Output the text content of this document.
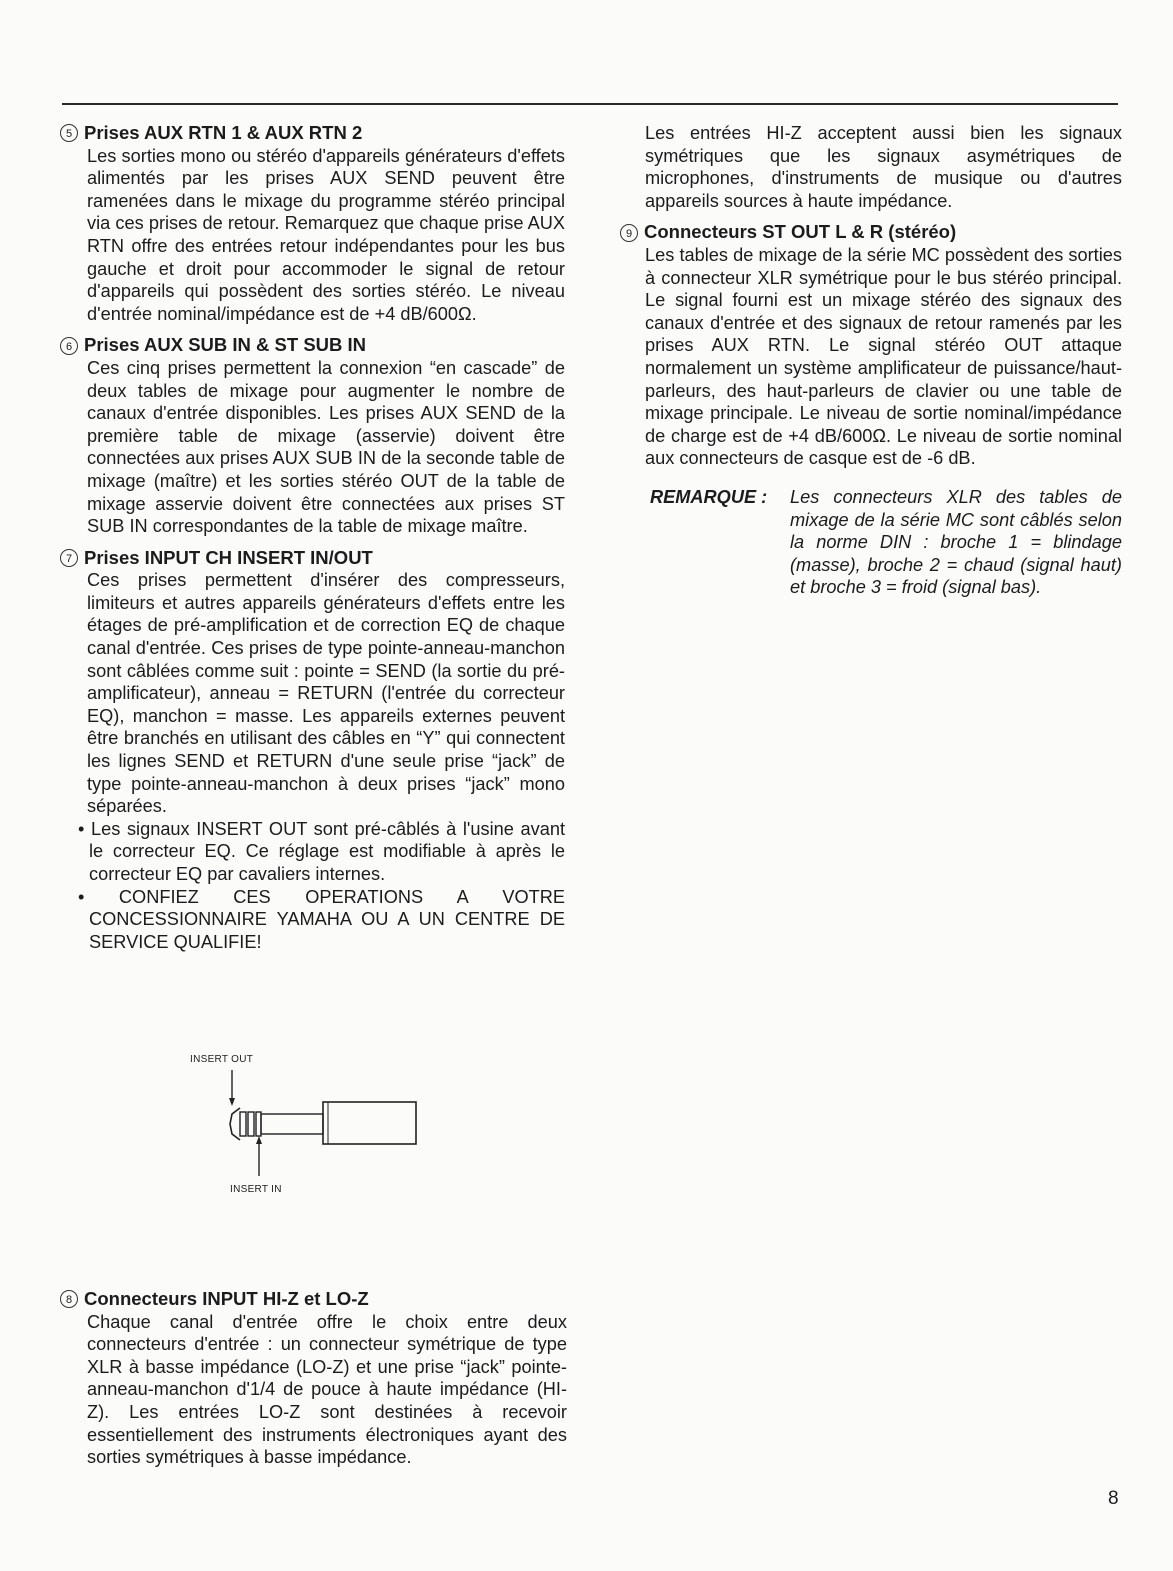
5 Prises AUX RTN 1 & AUX RTN 2
Les sorties mono ou stéréo d'appareils générateurs d'effets alimentés par les prises AUX SEND peuvent être ramenées dans le mixage du programme stéréo principal via ces prises de retour. Remarquez que chaque prise AUX RTN offre des entrées retour indépendantes pour les bus gauche et droit pour accommoder le signal de retour d'appareils qui possèdent des sorties stéréo. Le niveau d'entrée nominal/impédance est de +4 dB/600Ω.
6 Prises AUX SUB IN & ST SUB IN
Ces cinq prises permettent la connexion “en cascade” de deux tables de mixage pour augmenter le nombre de canaux d'entrée disponibles. Les prises AUX SEND de la première table de mixage (asservie) doivent être connectées aux prises AUX SUB IN de la seconde table de mixage (maître) et les sorties stéréo OUT de la table de mixage asservie doivent être connectées aux prises ST SUB IN correspondantes de la table de mixage maître.
7 Prises INPUT CH INSERT IN/OUT
Ces prises permettent d'insérer des compresseurs, limiteurs et autres appareils générateurs d'effets entre les étages de pré-amplification et de correction EQ de chaque canal d'entrée. Ces prises de type pointe-anneau-manchon sont câblées comme suit : pointe = SEND (la sortie du pré-amplificateur), anneau = RETURN (l'entrée du correcteur EQ), manchon = masse. Les appareils externes peuvent être branchés en utilisant des câbles en “Y” qui connectent les lignes SEND et RETURN d'une seule prise “jack” de type pointe-anneau-manchon à deux prises “jack” mono séparées.
• Les signaux INSERT OUT sont pré-câblés à l'usine avant le correcteur EQ. Ce réglage est modifiable à après le correcteur EQ par cavaliers internes.
• CONFIEZ CES OPERATIONS A VOTRE CONCESSIONNAIRE YAMAHA OU A UN CENTRE DE SERVICE QUALIFIE!
INSERT OUT
INSERT IN
8 Connecteurs INPUT HI-Z et LO-Z
Chaque canal d'entrée offre le choix entre deux connecteurs d'entrée : un connecteur symétrique de type XLR à basse impédance (LO-Z) et une prise “jack” pointe-anneau-manchon d'1/4 de pouce à haute impédance (HI-Z). Les entrées LO-Z sont destinées à recevoir essentiellement des instruments électroniques ayant des sorties symétriques à basse impédance.
Les entrées HI-Z acceptent aussi bien les signaux symétriques que les signaux asymétriques de microphones, d'instruments de musique ou d'autres appareils sources à haute impédance.
9 Connecteurs ST OUT L & R (stéréo)
Les tables de mixage de la série MC possèdent des sorties à connecteur XLR symétrique pour le bus stéréo principal. Le signal fourni est un mixage stéréo des signaux des canaux d'entrée et des signaux de retour ramenés par les prises AUX RTN. Le signal stéréo OUT attaque normalement un système amplificateur de puissance/haut-parleurs, des haut-parleurs de clavier ou une table de mixage principale. Le niveau de sortie nominal/impédance de charge est de +4 dB/600Ω. Le niveau de sortie nominal aux connecteurs de casque est de -6 dB.
REMARQUE :	Les connecteurs XLR des tables de mixage de la série MC sont câblés selon la norme DIN : broche 1 = blindage (masse), broche 2 = chaud (signal haut) et broche 3 = froid (signal bas).
8
